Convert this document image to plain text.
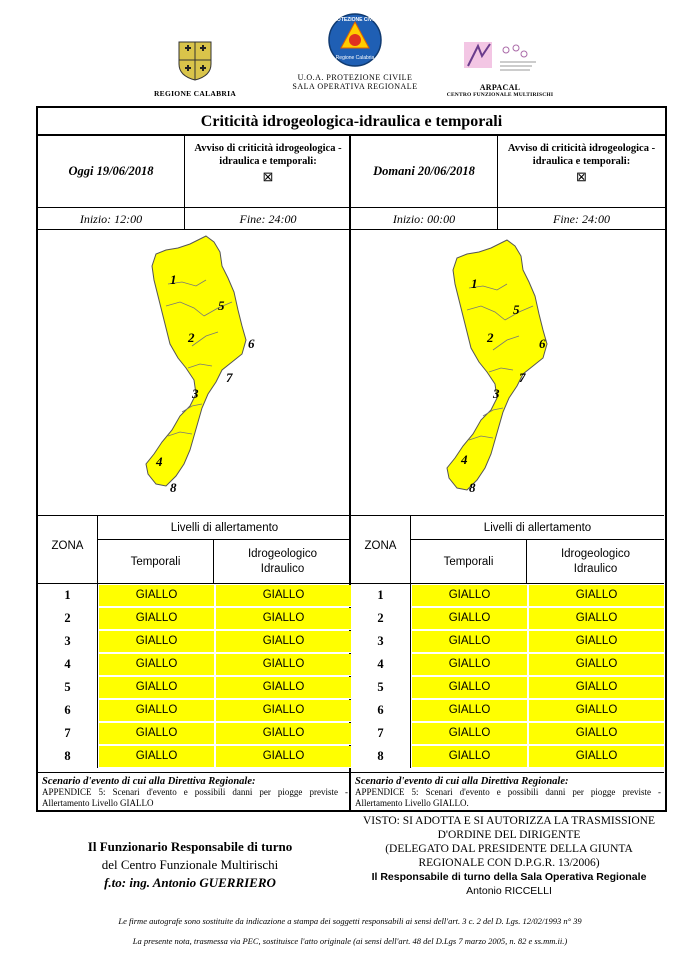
REGIONE CALABRIA
PROTEZIONE CIVILE
Regione Calabria
U.O.A. PROTEZIONE CIVILE
SALA OPERATIVA REGIONALE	ARPACAL
CENTRO FUNZIONALE MULTIRISCHI
Criticità idrogeologica-idraulica e temporali
Oggi 19/06/2018
Avviso di criticità idrogeologica - idraulica e temporali:
⊠
Inizio: 12:00	Fine: 24:00
1
5
2	6
7
3
4
8
ZONA
Livelli di allertamento
Temporali
Idrogeologico
Idraulico
1	GIALLO	GIALLO
2	GIALLO	GIALLO
3	GIALLO	GIALLO
4	GIALLO	GIALLO
5	GIALLO	GIALLO
6	GIALLO	GIALLO
7	GIALLO	GIALLO
8	GIALLO	GIALLO
Scenario d'evento di cui alla Direttiva Regionale:
APPENDICE 5: Scenari d'evento e possibili danni per piogge previste - Allertamento Livello GIALLO
Domani 20/06/2018
Avviso di criticità idrogeologica - idraulica e temporali:
⊠
Inizio: 00:00	Fine: 24:00
1
5
2	6
7
3
4
8
ZONA
Livelli di allertamento
Temporali
Idrogeologico
Idraulico
1	GIALLO	GIALLO
2	GIALLO	GIALLO
3	GIALLO	GIALLO
4	GIALLO	GIALLO
5	GIALLO	GIALLO
6	GIALLO	GIALLO
7	GIALLO	GIALLO
8	GIALLO	GIALLO
Scenario d'evento di cui alla Direttiva Regionale:
APPENDICE 5: Scenari d'evento e possibili danni per piogge previste - Allertamento Livello GIALLO.
Il Funzionario Responsabile di turno
del Centro Funzionale Multirischi
f.to: ing. Antonio GUERRIERO
VISTO: SI ADOTTA E SI AUTORIZZA LA TRASMISSIONE
D'ORDINE DEL DIRIGENTE
(DELEGATO DAL PRESIDENTE DELLA GIUNTA
REGIONALE CON D.P.G.R. 13/2006)
Il Responsabile di turno della Sala Operativa Regionale
Antonio RICCELLI
Le firme autografe sono sostituite da indicazione a stampa dei soggetti responsabili ai sensi dell'art. 3 c. 2 del D. Lgs. 12/02/1993 n° 39
La presente nota, trasmessa via PEC, sostituisce l'atto originale (ai sensi dell'art. 48 del D.Lgs 7 marzo 2005, n. 82 e ss.mm.ii.)
